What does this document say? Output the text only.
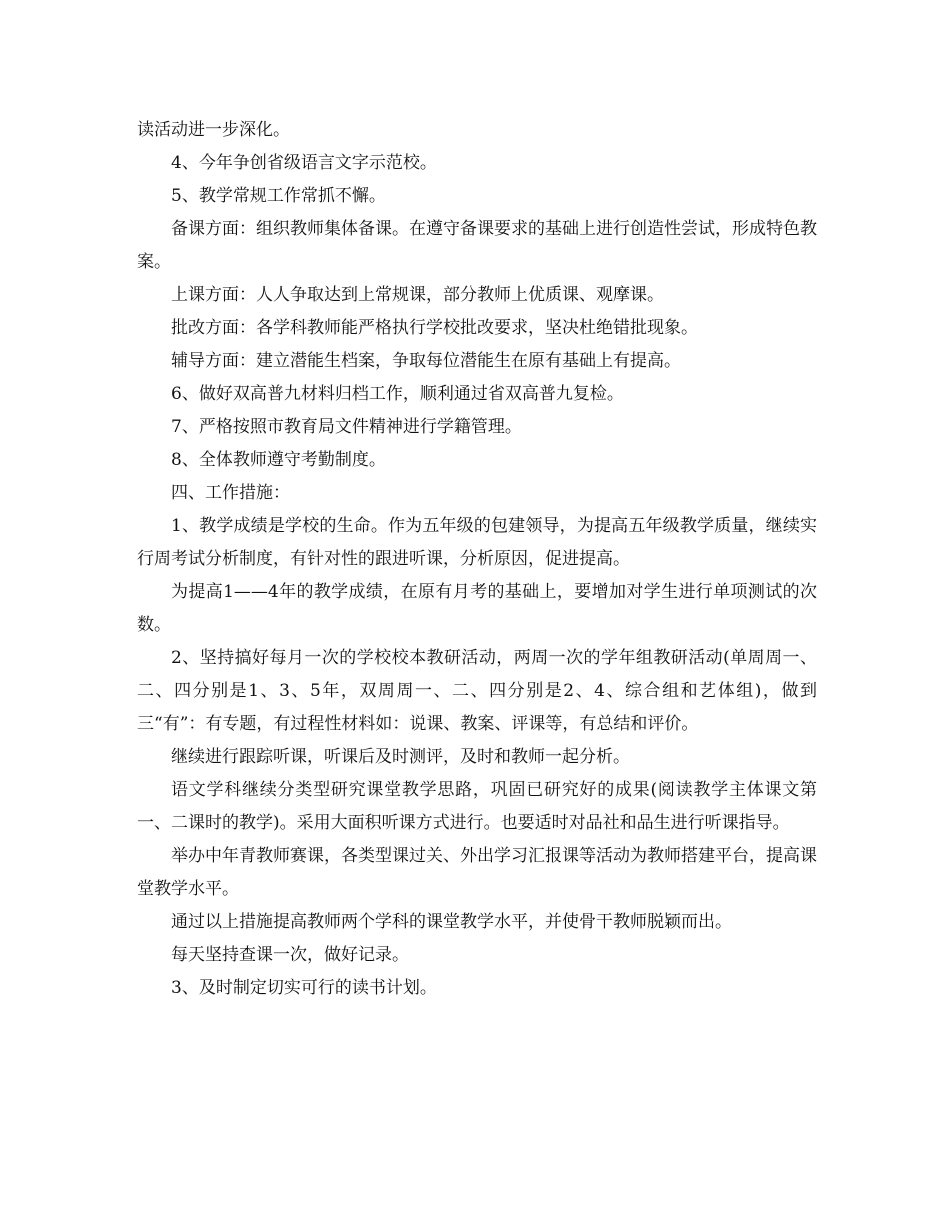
读活动进一步深化。

4、今年争创省级语言文字示范校。

5、教学常规工作常抓不懈。

备课方面：组织教师集体备课。在遵守备课要求的基础上进行创造性尝试，形成特色教案。

上课方面：人人争取达到上常规课，部分教师上优质课、观摩课。

批改方面：各学科教师能严格执行学校批改要求，坚决杜绝错批现象。

辅导方面：建立潜能生档案，争取每位潜能生在原有基础上有提高。

6、做好双高普九材料归档工作，顺利通过省双高普九复检。

7、严格按照市教育局文件精神进行学籍管理。

8、全体教师遵守考勤制度。

四、工作措施：

1、教学成绩是学校的生命。作为五年级的包建领导，为提高五年级教学质量，继续实行周考试分析制度，有针对性的跟进听课，分析原因，促进提高。

为提高1——4年的教学成绩，在原有月考的基础上，要增加对学生进行单项测试的次数。

2、坚持搞好每月一次的学校校本教研活动，两周一次的学年组教研活动(单周周一、二、四分别是1、3、5年，双周周一、二、四分别是2、4、综合组和艺体组)，做到三“有”：有专题，有过程性材料如：说课、教案、评课等，有总结和评价。

继续进行跟踪听课，听课后及时测评，及时和教师一起分析。

语文学科继续分类型研究课堂教学思路，巩固已研究好的成果(阅读教学主体课文第一、二课时的教学)。采用大面积听课方式进行。也要适时对品社和品生进行听课指导。

举办中年青教师赛课，各类型课过关、外出学习汇报课等活动为教师搭建平台，提高课堂教学水平。

通过以上措施提高教师两个学科的课堂教学水平，并使骨干教师脱颖而出。

每天坚持查课一次，做好记录。

3、及时制定切实可行的读书计划。
